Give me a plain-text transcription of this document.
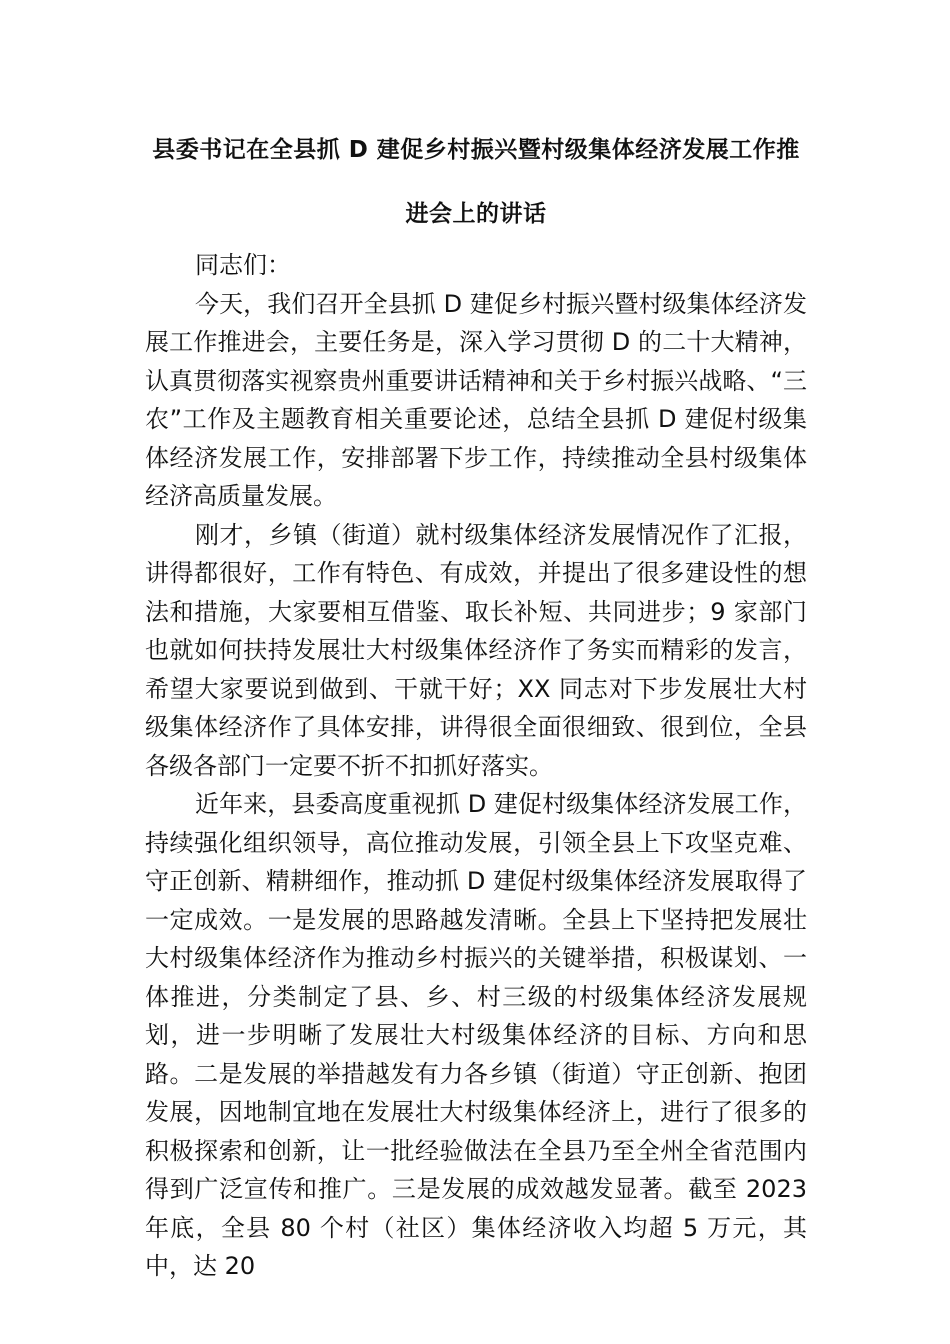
县委书记在全县抓 D 建促乡村振兴暨村级集体经济发展工作推进会上的讲话

同志们：

今天，我们召开全县抓 D 建促乡村振兴暨村级集体经济发展工作推进会，主要任务是，深入学习贯彻 D 的二十大精神，认真贯彻落实视察贵州重要讲话精神和关于乡村振兴战略、“三农”工作及主题教育相关重要论述，总结全县抓 D 建促村级集体经济发展工作，安排部署下步工作，持续推动全县村级集体经济高质量发展。

刚才，乡镇（街道）就村级集体经济发展情况作了汇报，讲得都很好，工作有特色、有成效，并提出了很多建设性的想法和措施，大家要相互借鉴、取长补短、共同进步；9 家部门也就如何扶持发展壮大村级集体经济作了务实而精彩的发言，希望大家要说到做到、干就干好；XX 同志对下步发展壮大村级集体经济作了具体安排，讲得很全面很细致、很到位，全县各级各部门一定要不折不扣抓好落实。

近年来，县委高度重视抓 D 建促村级集体经济发展工作，持续强化组织领导，高位推动发展，引领全县上下攻坚克难、守正创新、精耕细作，推动抓 D 建促村级集体经济发展取得了一定成效。一是发展的思路越发清晰。全县上下坚持把发展壮大村级集体经济作为推动乡村振兴的关键举措，积极谋划、一体推进，分类制定了县、乡、村三级的村级集体经济发展规划，进一步明晰了发展壮大村级集体经济的目标、方向和思路。二是发展的举措越发有力各乡镇（街道）守正创新、抱团发展，因地制宜地在发展壮大村级集体经济上，进行了很多的积极探索和创新，让一批经验做法在全县乃至全州全省范围内得到广泛宣传和推广。三是发展的成效越发显著。截至 2023 年底，全县 80 个村（社区）集体经济收入均超 5 万元，其中，达 20
